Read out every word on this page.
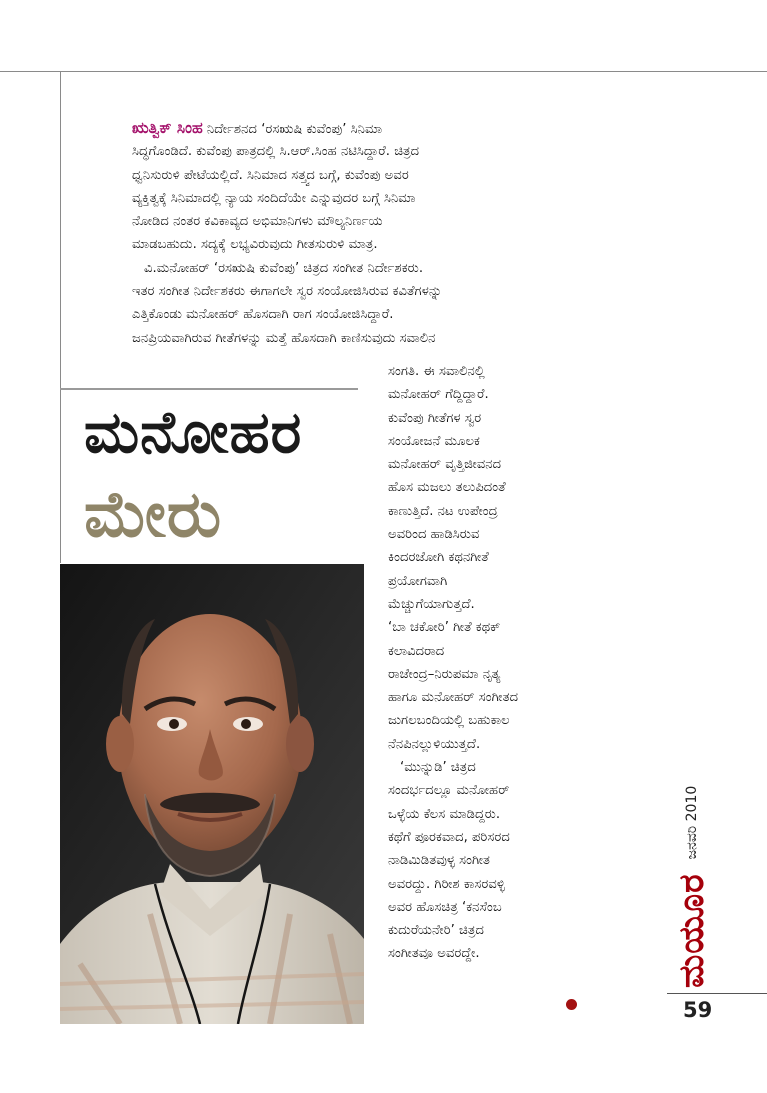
ಋತ್ವಿಕ್ ಸಿಂಹ ನಿರ್ದೇಶನದ ‘ರಸಋಷಿ ಕುವೆಂಪು’ ಸಿನಿಮಾ
ಸಿದ್ಧಗೊಂಡಿದೆ. ಕುವೆಂಪು ಪಾತ್ರದಲ್ಲಿ ಸಿ.ಆರ್.ಸಿಂಹ ನಟಿಸಿದ್ದಾರೆ. ಚಿತ್ರದ
ಧ್ವನಿಸುರುಳಿ ಪೇಟೆಯಲ್ಲಿದೆ. ಸಿನಿಮಾದ ಸತ್ತ್ವದ ಬಗ್ಗೆ, ಕುವೆಂಪು ಅವರ
ವ್ಯಕ್ತಿತ್ವಕ್ಕೆ ಸಿನಿಮಾದಲ್ಲಿ ನ್ಯಾಯ ಸಂದಿದೆಯೇ ಎನ್ನುವುದರ ಬಗ್ಗೆ ಸಿನಿಮಾ
ನೋಡಿದ ನಂತರ ಕವಿಕಾವ್ಯದ ಅಭಿಮಾನಿಗಳು ಮೌಲ್ಯನಿರ್ಣಯ
ಮಾಡಬಹುದು. ಸದ್ಯಕ್ಕೆ ಲಭ್ಯವಿರುವುದು ಗೀತಸುರುಳಿ ಮಾತ್ರ.
ವಿ.ಮನೋಹರ್ ‘ರಸಋಷಿ ಕುವೆಂಪು’ ಚಿತ್ರದ ಸಂಗೀತ ನಿರ್ದೇಶಕರು.
ಇತರ ಸಂಗೀತ ನಿರ್ದೇಶಕರು ಈಗಾಗಲೇ ಸ್ವರ ಸಂಯೋಜಿಸಿರುವ ಕವಿತೆಗಳನ್ನು
ಎತ್ತಿಕೊಂಡು ಮನೋಹರ್ ಹೊಸದಾಗಿ ರಾಗ ಸಂಯೋಜಿಸಿದ್ದಾರೆ.
ಜನಪ್ರಿಯವಾಗಿರುವ ಗೀತೆಗಳನ್ನು ಮತ್ತೆ ಹೊಸದಾಗಿ ಕಾಣಿಸುವುದು ಸವಾಲಿನ
ಮನೋಹರ
ಮೇರು
ಸಂಗತಿ. ಈ ಸವಾಲಿನಲ್ಲಿ
ಮನೋಹರ್ ಗೆದ್ದಿದ್ದಾರೆ.
ಕುವೆಂಪು ಗೀತೆಗಳ ಸ್ವರ
ಸಂಯೋಜನೆ ಮೂಲಕ
ಮನೋಹರ್ ವೃತ್ತಿಜೀವನದ
ಹೊಸ ಮಜಲು ತಲುಪಿದಂತೆ
ಕಾಣುತ್ತಿದೆ. ನಟ ಉಪೇಂದ್ರ
ಅವರಿಂದ ಹಾಡಿಸಿರುವ
ಕಿಂದರಜೋಗಿ ಕಥನಗೀತೆ
ಪ್ರಯೋಗವಾಗಿ
ಮೆಚ್ಚುಗೆಯಾಗುತ್ತದೆ.
‘ಬಾ ಚಕೋರಿ’ ಗೀತೆ ಕಥಕ್
ಕಲಾವಿದರಾದ
ರಾಜೇಂದ್ರ–ನಿರುಪಮಾ ನೃತ್ಯ
ಹಾಗೂ ಮನೋಹರ್ ಸಂಗೀತದ
ಜುಗಲಬಂದಿಯಲ್ಲಿ ಬಹುಕಾಲ
ನೆನಪಿನಲ್ಲುಳಿಯುತ್ತದೆ.
‘ಮುನ್ನುಡಿ’ ಚಿತ್ರದ
ಸಂದರ್ಭದಲ್ಲೂ ಮನೋಹರ್
ಒಳ್ಳೆಯ ಕೆಲಸ ಮಾಡಿದ್ದರು.
ಕಥೆಗೆ ಪೂರಕವಾದ, ಪರಿಸರದ
ನಾಡಿಮಿಡಿತವುಳ್ಳ ಸಂಗೀತ
ಅವರದ್ದು. ಗಿರೀಶ ಕಾಸರವಳ್ಳಿ
ಅವರ ಹೊಸಚಿತ್ರ ‘ಕನಸೆಂಬ
ಕುದುರೆಯನೇರಿ’ ಚಿತ್ರದ
ಸಂಗೀತವೂ ಅವರದ್ದೇ.	ಮಯೂರ
ಜನವರಿ 2010

59
